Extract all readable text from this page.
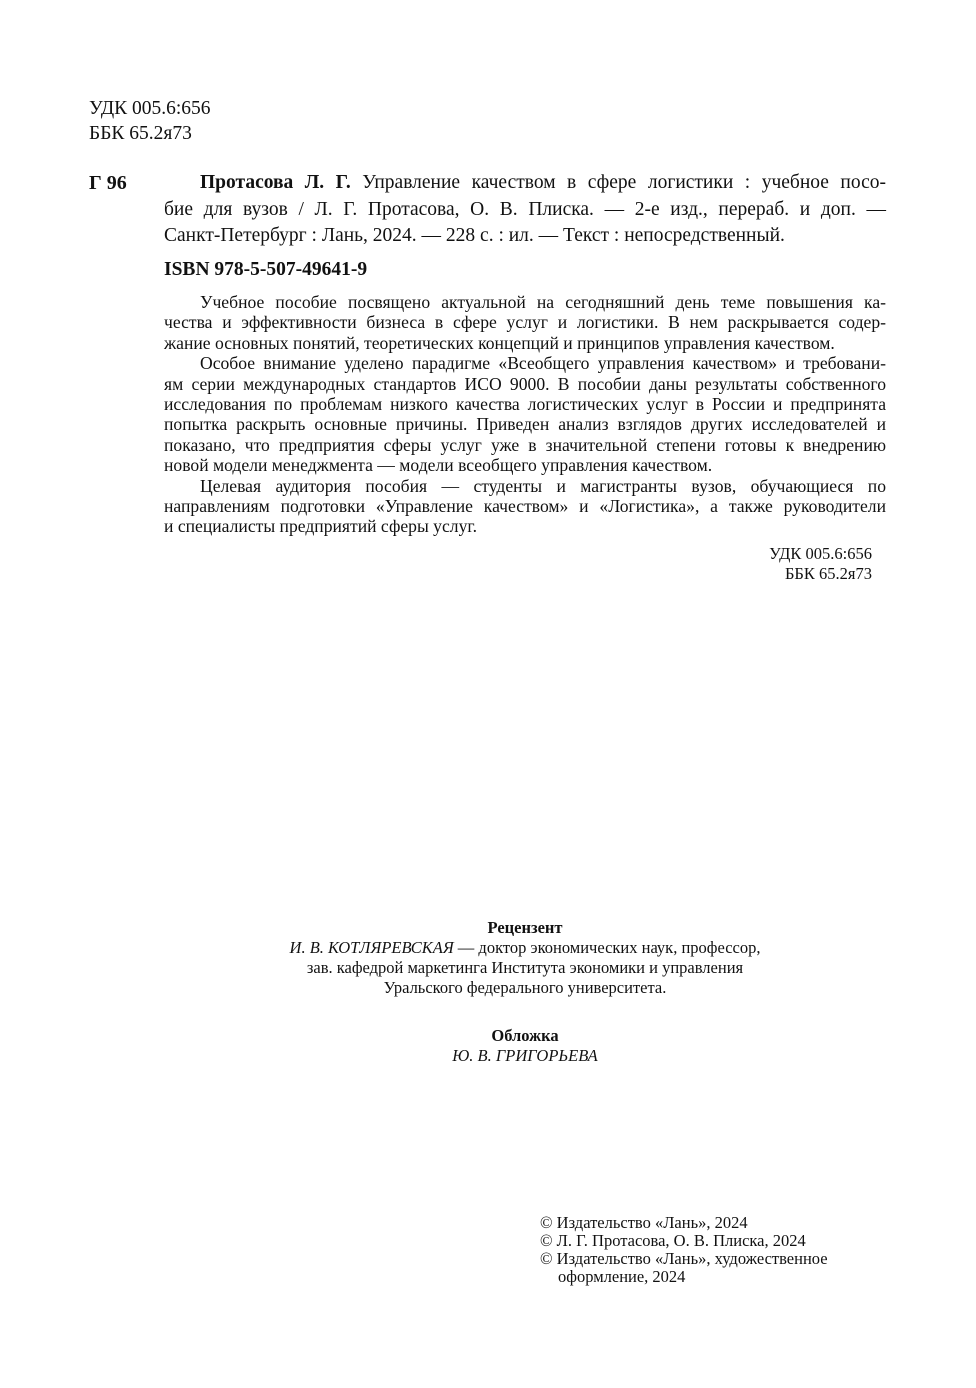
УДК 005.6:656
ББК 65.2я73
Г 96	Протасова Л. Г. Управление качеством в сфере логистики : учебное посо-
бие для вузов / Л. Г. Протасова, О. В. Плиска. — 2-е изд., перераб. и доп. —
Санкт-Петербург : Лань, 2024. — 228 с. : ил. — Текст : непосредственный.
ISBN 978-5-507-49641-9
Учебное пособие посвящено актуальной на сегодняшний день теме повышения ка-
чества и эффективности бизнеса в сфере услуг и логистики. В нем раскрывается содер-
жание основных понятий, теоретических концепций и принципов управления качеством.
Особое внимание уделено парадигме «Всеобщего управления качеством» и требовани-
ям серии международных стандартов ИСО 9000. В пособии даны результаты собственного
исследования по проблемам низкого качества логистических услуг в России и предпринята
попытка раскрыть основные причины. Приведен анализ взглядов других исследователей и
показано, что предприятия сферы услуг уже в значительной степени готовы к внедрению
новой модели менеджмента — модели всеобщего управления качеством.
Целевая аудитория пособия — студенты и магистранты вузов, обучающиеся по
направлениям подготовки «Управление качеством» и «Логистика», а также руководители
и специалисты предприятий сферы услуг.
УДК 005.6:656
ББК 65.2я73
Рецензент
И. В. КОТЛЯРЕВСКАЯ — доктор экономических наук, профессор,
зав. кафедрой маркетинга Института экономики и управления
Уральского федерального университета.
Обложка
Ю. В. ГРИГОРЬЕВА
© Издательство «Лань», 2024
© Л. Г. Протасова, О. В. Плиска, 2024
© Издательство «Лань», художественное
оформление, 2024
